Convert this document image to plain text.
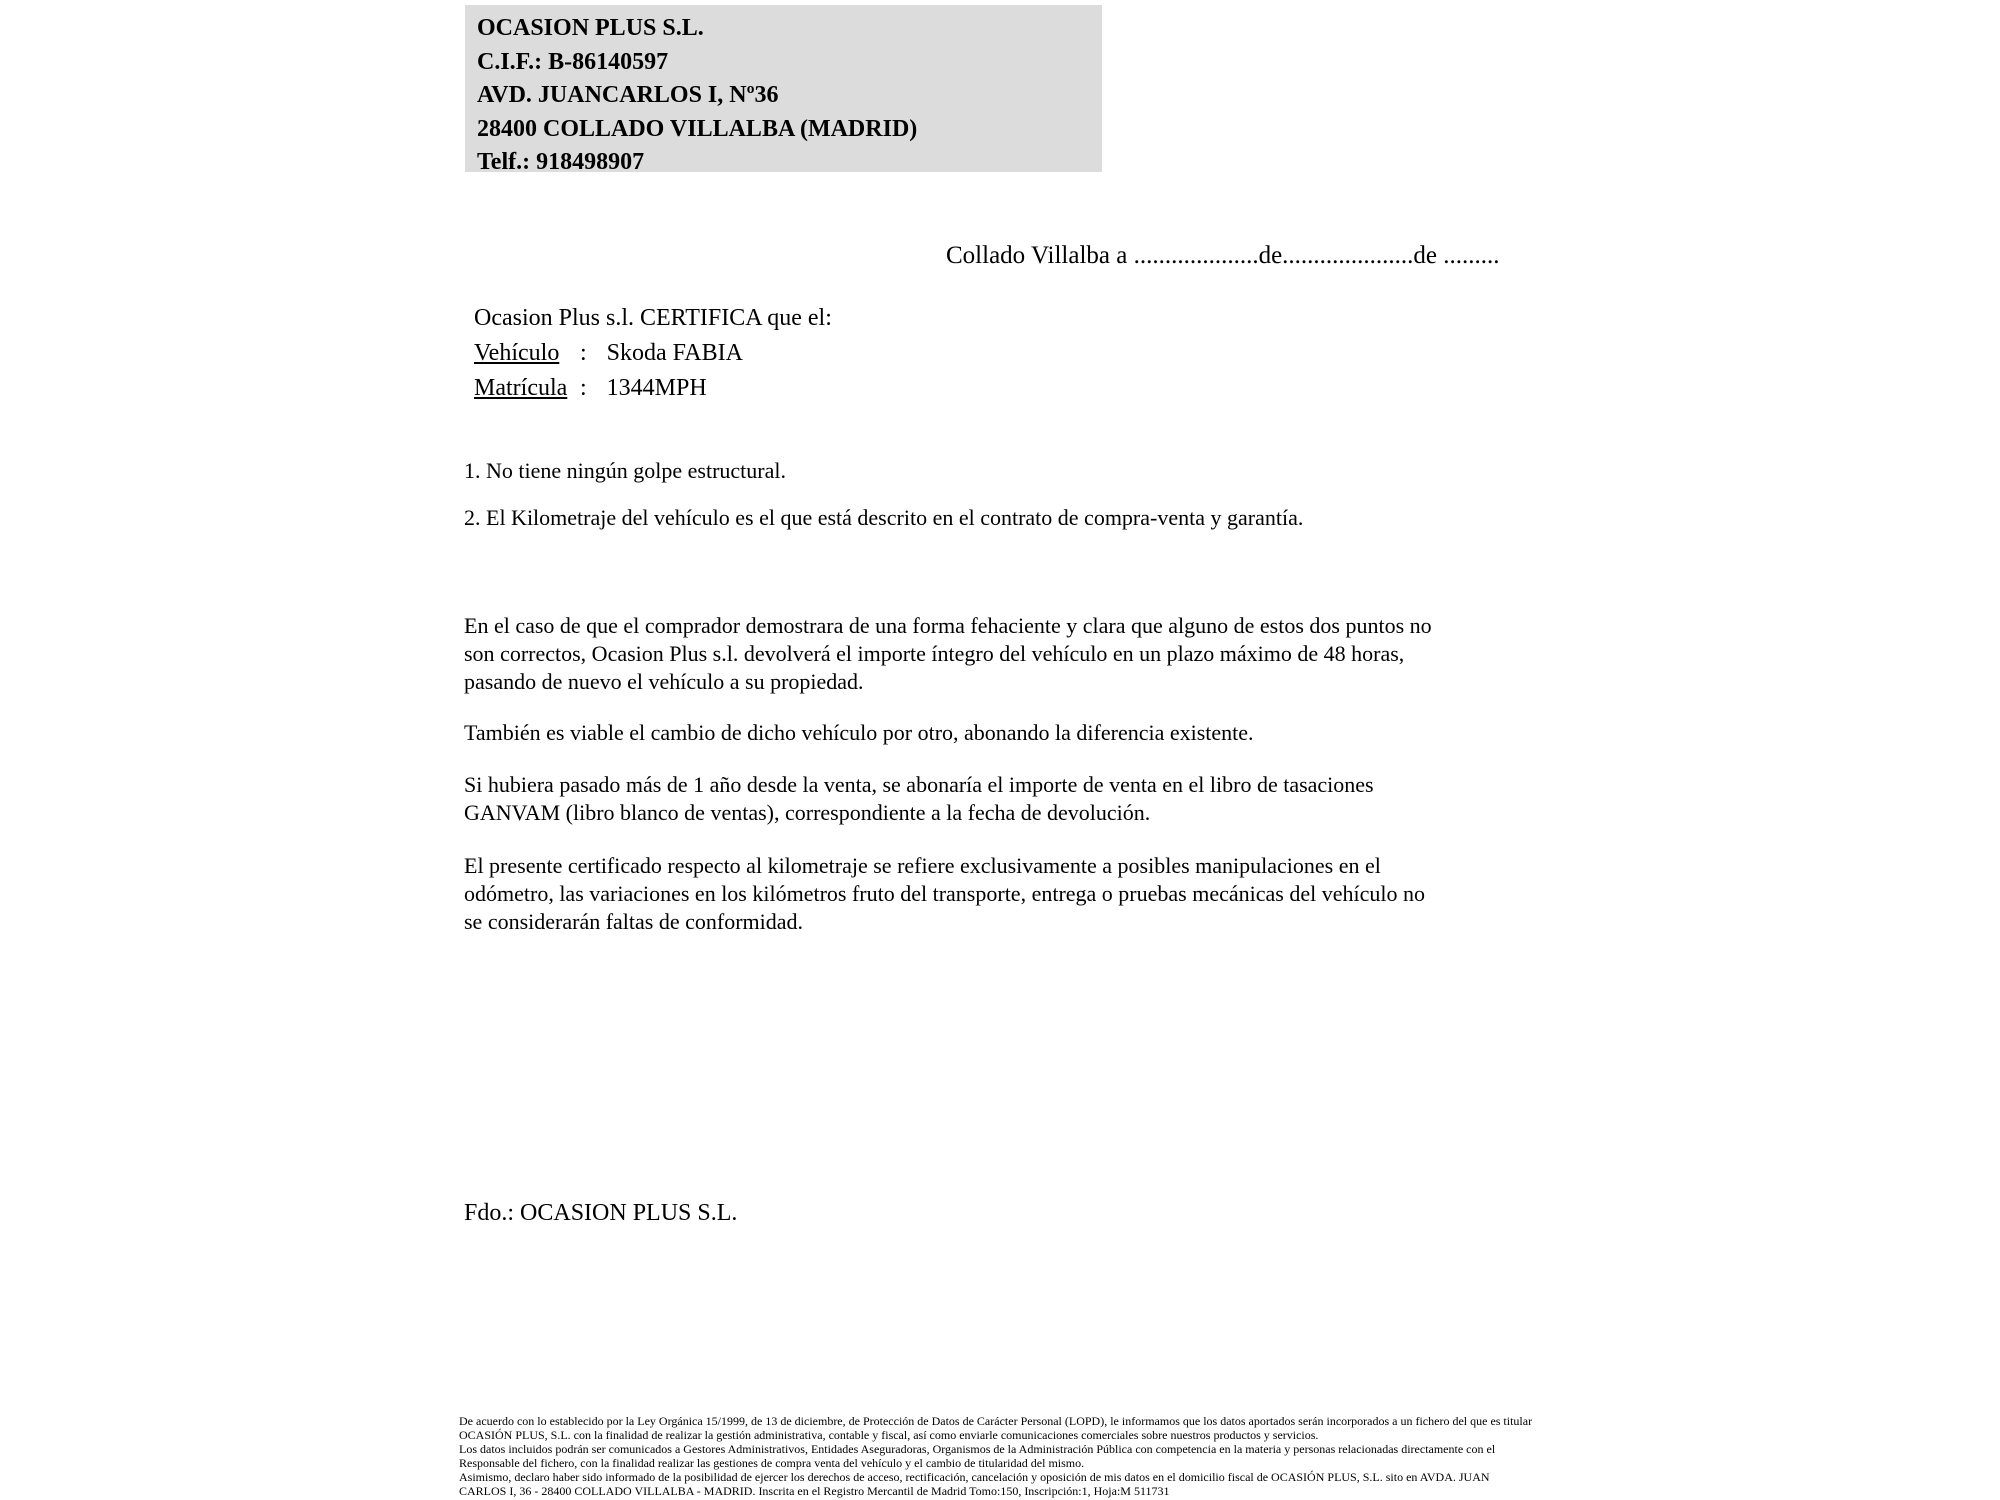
OCASION PLUS S.L.
C.I.F.: B-86140597
AVD. JUANCARLOS I, Nº36
28400 COLLADO VILLALBA (MADRID)
Telf.: 918498907
Collado Villalba a ....................de.....................de .........
Ocasion Plus s.l. CERTIFICA que el:
Vehículo : Skoda FABIA
Matrícula : 1344MPH
1. No tiene ningún golpe estructural.
2. El Kilometraje del vehículo es el que está descrito en el contrato de compra-venta y garantía.
En el caso de que el comprador demostrara de una forma fehaciente y clara que alguno de estos dos puntos no
son correctos, Ocasion Plus s.l. devolverá el importe íntegro del vehículo en un plazo máximo de 48 horas,
pasando de nuevo el vehículo a su propiedad.
También es viable el cambio de dicho vehículo por otro, abonando la diferencia existente.
Si hubiera pasado más de 1 año desde la venta, se abonaría el importe de venta en el libro de tasaciones
GANVAM (libro blanco de ventas), correspondiente a la fecha de devolución.
El presente certificado respecto al kilometraje se refiere exclusivamente a posibles manipulaciones en el
odómetro, las variaciones en los kilómetros fruto del transporte, entrega o pruebas mecánicas del vehículo no
se considerarán faltas de conformidad.
Fdo.: OCASION PLUS S.L.
De acuerdo con lo establecido por la Ley Orgánica 15/1999, de 13 de diciembre, de Protección de Datos de Carácter Personal (LOPD), le informamos que los datos aportados serán incorporados a un fichero del que es titular
OCASIÓN PLUS, S.L. con la finalidad de realizar la gestión administrativa, contable y fiscal, así como enviarle comunicaciones comerciales sobre nuestros productos y servicios.
Los datos incluidos podrán ser comunicados a Gestores Administrativos, Entidades Aseguradoras, Organismos de la Administración Pública con competencia en la materia y personas relacionadas directamente con el
Responsable del fichero, con la finalidad realizar las gestiones de compra venta del vehículo y el cambio de titularidad del mismo.
Asimismo, declaro haber sido informado de la posibilidad de ejercer los derechos de acceso, rectificación, cancelación y oposición de mis datos en el domicilio fiscal de OCASIÓN PLUS, S.L. sito en AVDA. JUAN
CARLOS I, 36 - 28400 COLLADO VILLALBA - MADRID. Inscrita en el Registro Mercantil de Madrid Tomo:150, Inscripción:1, Hoja:M 511731
